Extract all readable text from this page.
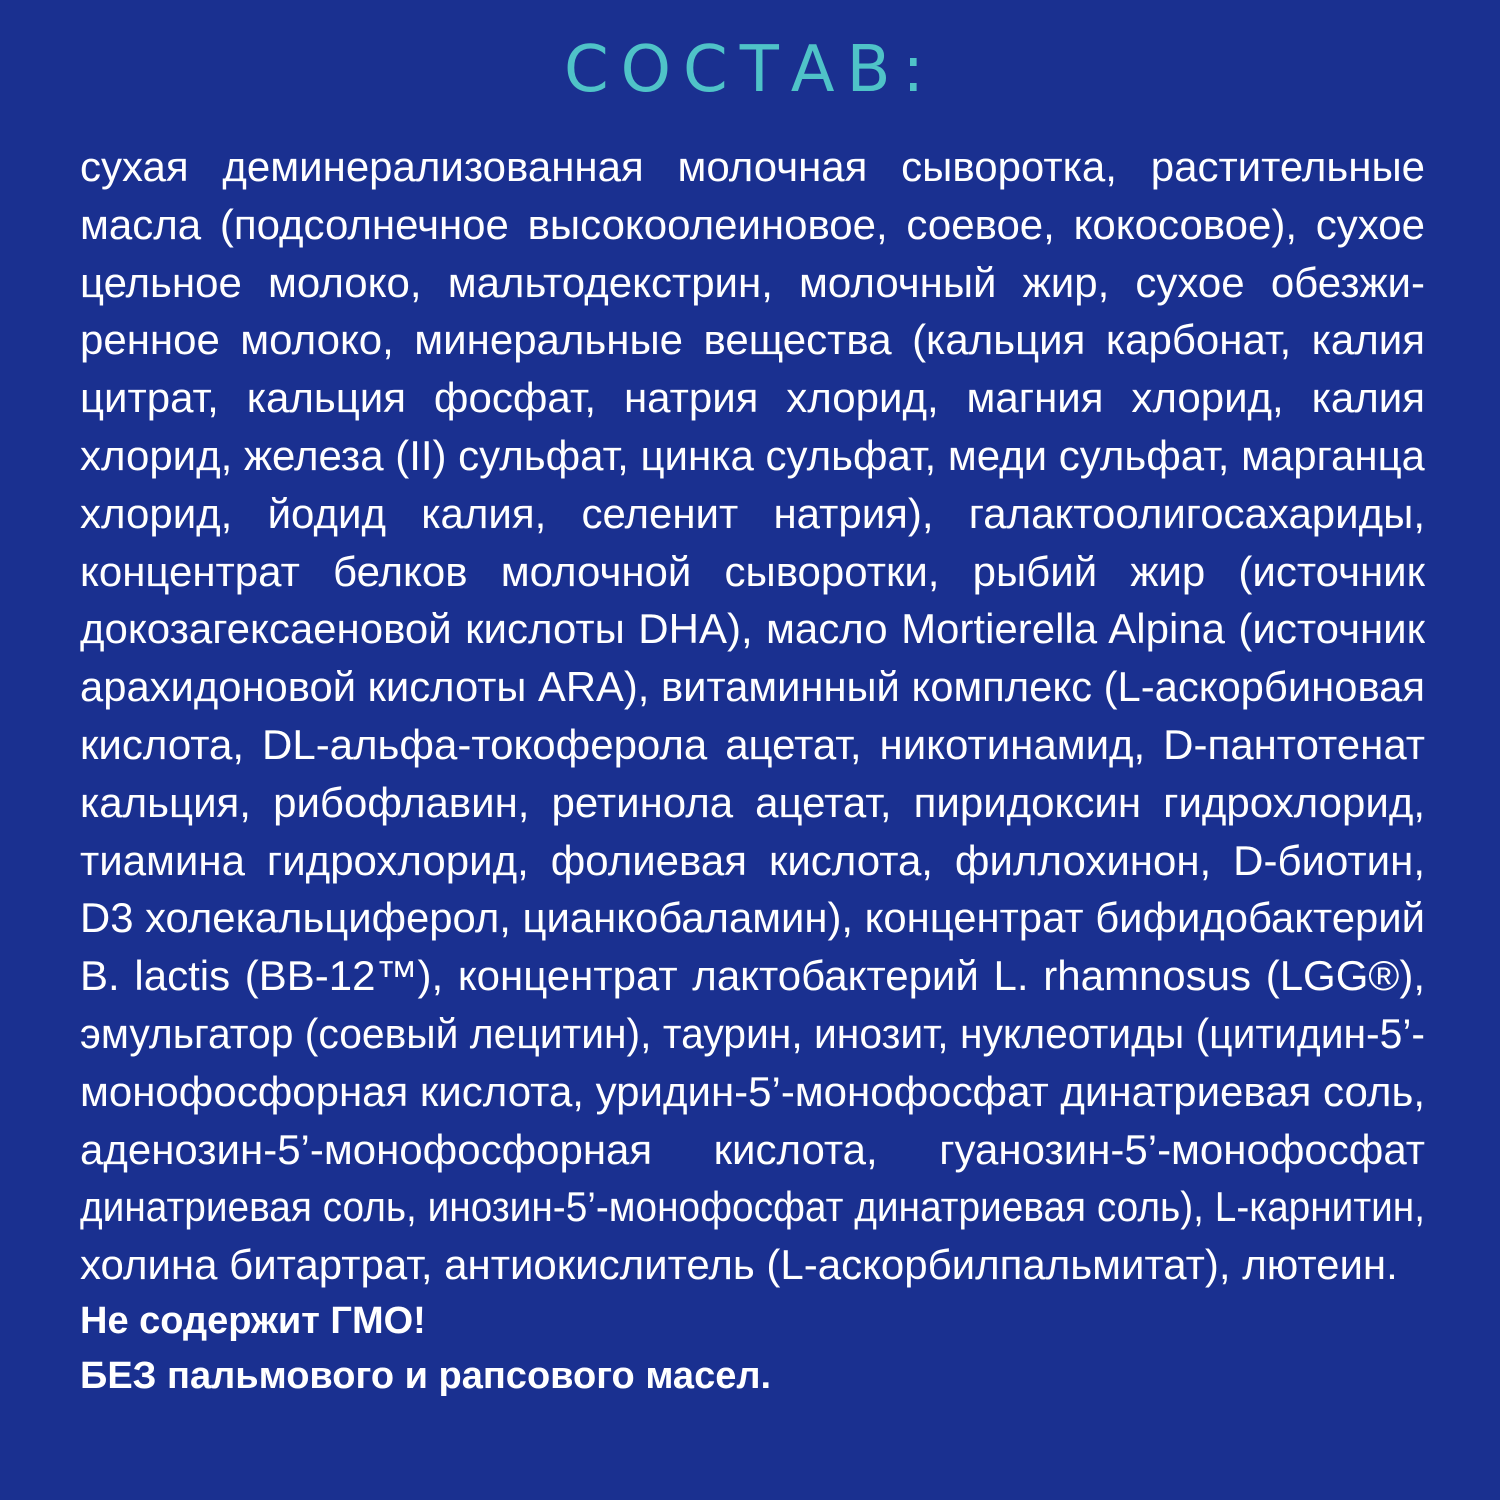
СОСТАВ:
сухая деминерализованная молочная сыворотка, растительные
масла (подсолнечное высокоолеиновое, соевое, кокосовое), сухое
цельное молоко, мальтодекстрин, молочный жир, сухое обезжи-
ренное молоко, минеральные вещества (кальция карбонат, калия
цитрат, кальция фосфат, натрия хлорид, магния хлорид, калия
хлорид, железа (II) сульфат, цинка сульфат, меди сульфат, марганца
хлорид, йодид калия, селенит натрия), галактоолигосахариды,
концентрат белков молочной сыворотки, рыбий жир (источник
докозагексаеновой кислоты DHA), масло Mortierella Alpina (источник
арахидоновой кислоты ARA), витаминный комплекс (L-аскорбиновая
кислота, DL-альфа-токоферола ацетат, никотинамид, D-пантотенат
кальция, рибофлавин, ретинола ацетат, пиридоксин гидрохлорид,
тиамина гидрохлорид, фолиевая кислота, филлохинон, D-биотин,
D3 холекальциферол, цианкобаламин), концентрат бифидобактерий
B. lactis (BB-12™), концентрат лактобактерий L. rhamnosus (LGG®),
эмульгатор (соевый лецитин), таурин, инозит, нуклеотиды (цитидин-5’-
монофосфорная кислота, уридин-5’-монофосфат динатриевая соль,
аденозин-5’-монофосфорная кислота, гуанозин-5’-монофосфат
динатриевая соль, инозин-5’-монофосфат динатриевая соль), L-карнитин,
холина битартрат, антиокислитель (L-аскорбилпальмитат), лютеин.
Не содержит ГМО!
БЕЗ пальмового и рапсового масел.
